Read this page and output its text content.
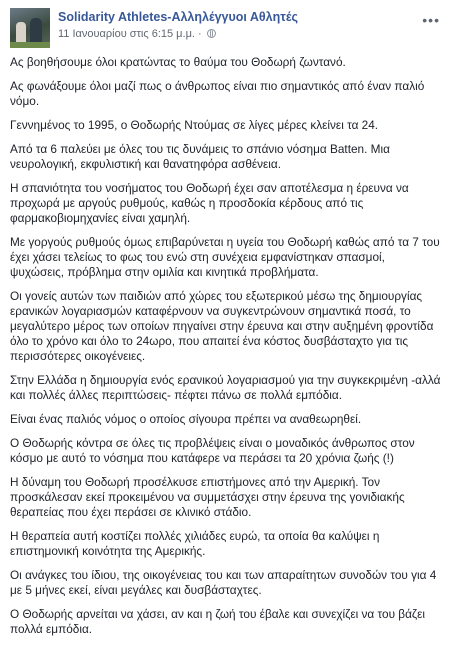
Solidarity Athletes-Αλληλέγγυοι Αθλητές
11 Ιανουαρίου στις 6:15 μ.μ. ·
•••

Ας βοηθήσουμε όλοι κρατώντας το θαύμα του Θοδωρή ζωντανό.

Ας φωνάξουμε όλοι μαζί πως ο άνθρωπος είναι πιο σημαντικός από έναν παλιό νόμο.

Γεννημένος το 1995, ο Θοδωρής Ντούμας σε λίγες μέρες κλείνει τα 24.

Από τα 6 παλεύει με όλες του τις δυνάμεις το σπάνιο νόσημα Batten. Μια νευρολογική, εκφυλιστική και θανατηφόρα ασθένεια.

Η σπανιότητα του νοσήματος του Θοδωρή έχει σαν αποτέλεσμα η έρευνα να προχωρά με αργούς ρυθμούς, καθώς η προσδοκία κέρδους από τις φαρμακοβιομηχανίες είναι χαμηλή.

Με γοργούς ρυθμούς όμως επιβαρύνεται η υγεία του Θοδωρή καθώς από τα 7 του έχει χάσει τελείως το φως του ενώ στη συνέχεια εμφανίστηκαν σπασμοί, ψυχώσεις, πρόβλημα στην ομιλία και κινητικά προβλήματα.

Οι γονείς αυτών των παιδιών από χώρες του εξωτερικού μέσω της δημιουργίας ερανικών λογαριασμών καταφέρνουν να συγκεντρώνουν σημαντικά ποσά, το μεγαλύτερο μέρος των οποίων πηγαίνει στην έρευνα και στην αυξημένη φροντίδα όλο το χρόνο και όλο το 24ωρο, που απαιτεί ένα κόστος δυσβάσταχτο για τις περισσότερες οικογένειες.

Στην Ελλάδα η δημιουργία ενός ερανικού λογαριασμού για την συγκεκριμένη -αλλά και πολλές άλλες περιπτώσεις- πέφτει πάνω σε πολλά εμπόδια.

Είναι ένας παλιός νόμος ο οποίος σίγουρα πρέπει να αναθεωρηθεί.

Ο Θοδωρής κόντρα σε όλες τις προβλέψεις είναι ο μοναδικός άνθρωπος στον κόσμο με αυτό το νόσημα που κατάφερε να περάσει τα 20 χρόνια ζωής (!)

Η δύναμη του Θοδωρή προσέλκυσε επιστήμονες από την Αμερική. Τον προσκάλεσαν εκεί προκειμένου να συμμετάσχει στην έρευνα της γονιδιακής θεραπείας που έχει περάσει σε κλινικό στάδιο.

Η θεραπεία αυτή κοστίζει πολλές χιλιάδες ευρώ, τα οποία θα καλύψει η επιστημονική κοινότητα της Αμερικής.

Οι ανάγκες του ίδιου, της οικογένειας του και των απαραίτητων συνοδών του για 4 με 5 μήνες εκεί, είναι μεγάλες και δυσβάσταχτες.

Ο Θοδωρής αρνείται να χάσει, αν και η ζωή του έβαλε και συνεχίζει να του βάζει πολλά εμπόδια.
